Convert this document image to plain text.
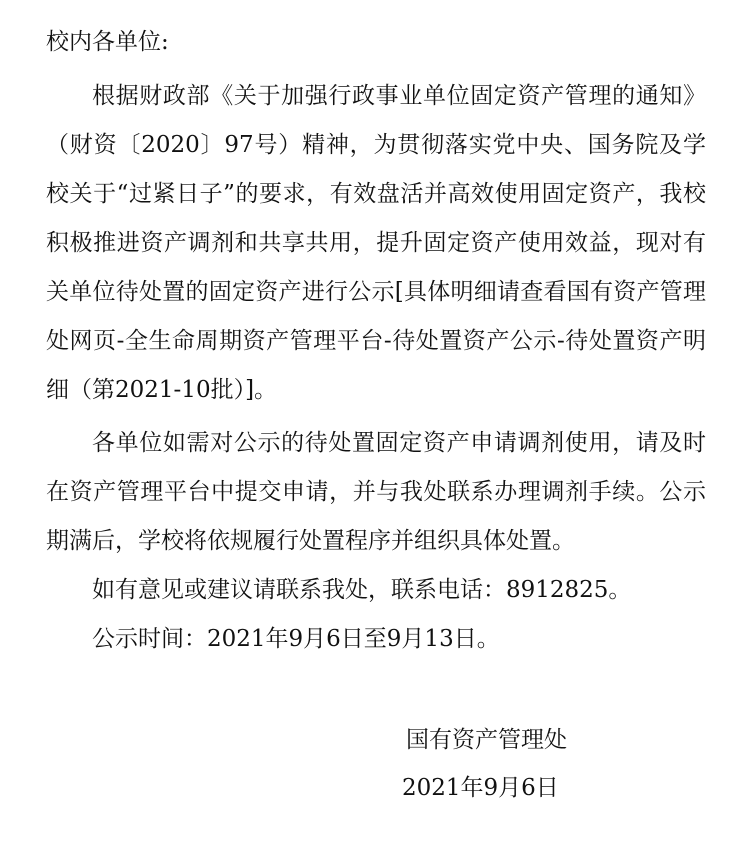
校内各单位:

根据财政部《关于加强行政事业单位固定资产管理的通知》（财资〔2020〕97号）精神，为贯彻落实党中央、国务院及学校关于“过紧日子”的要求，有效盘活并高效使用固定资产，我校积极推进资产调剂和共享共用，提升固定资产使用效益，现对有关单位待处置的固定资产进行公示[具体明细请查看国有资产管理处网页-全生命周期资产管理平台-待处置资产公示-待处置资产明细（第2021-10批）]。

各单位如需对公示的待处置固定资产申请调剂使用，请及时在资产管理平台中提交申请，并与我处联系办理调剂手续。公示期满后，学校将依规履行处置程序并组织具体处置。

如有意见或建议请联系我处，联系电话：8912825。

公示时间：2021年9月6日至9月13日。

国有资产管理处
2021年9月6日
